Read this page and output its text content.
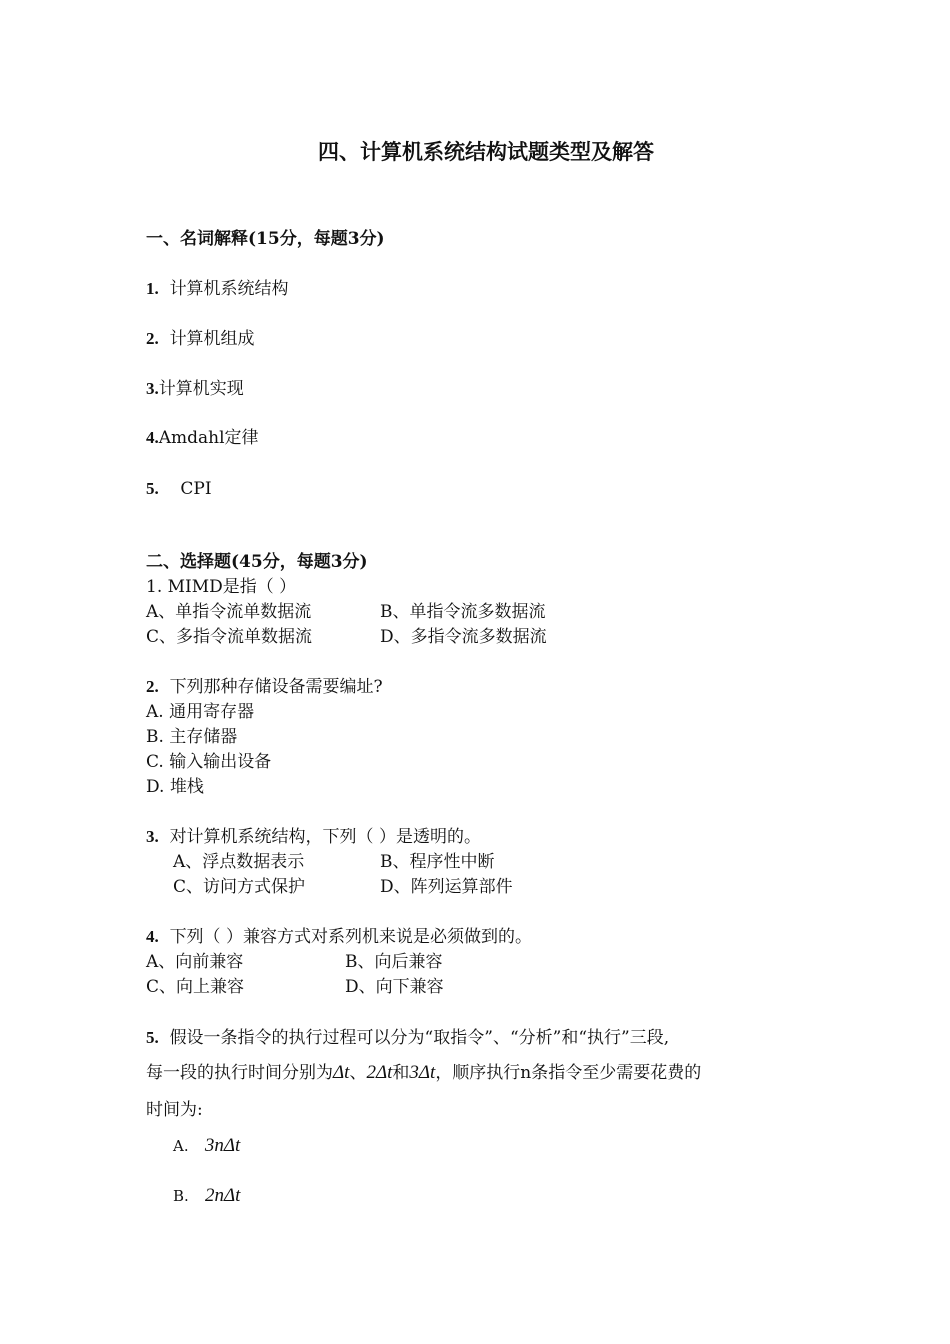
四、计算机系统结构试题类型及解答
一、名词解释(15分，每题3分)
1. 计算机系统结构
2. 计算机组成
3.计算机实现
4.Amdahl定律
5. CPI
二、选择题(45分，每题3分)
1. MIMD是指（ ）
A、单指令流单数据流	B、单指令流多数据流
C、多指令流单数据流	D、多指令流多数据流
2. 下列那种存储设备需要编址?
A. 通用寄存器
B. 主存储器
C. 输入输出设备
D. 堆栈
3. 对计算机系统结构，下列（ ）是透明的。
A、浮点数据表示	B、程序性中断
C、访问方式保护	D、阵列运算部件
4. 下列（ ）兼容方式对系列机来说是必须做到的。
A、向前兼容	B、向后兼容
C、向上兼容	D、向下兼容
5. 假设一条指令的执行过程可以分为“取指令”、“分析”和“执行”三段,
每一段的执行时间分别为Δt、2Δt和3Δt，顺序执行n条指令至少需要花费的
时间为:
A. 3nΔt
B. 2nΔt
